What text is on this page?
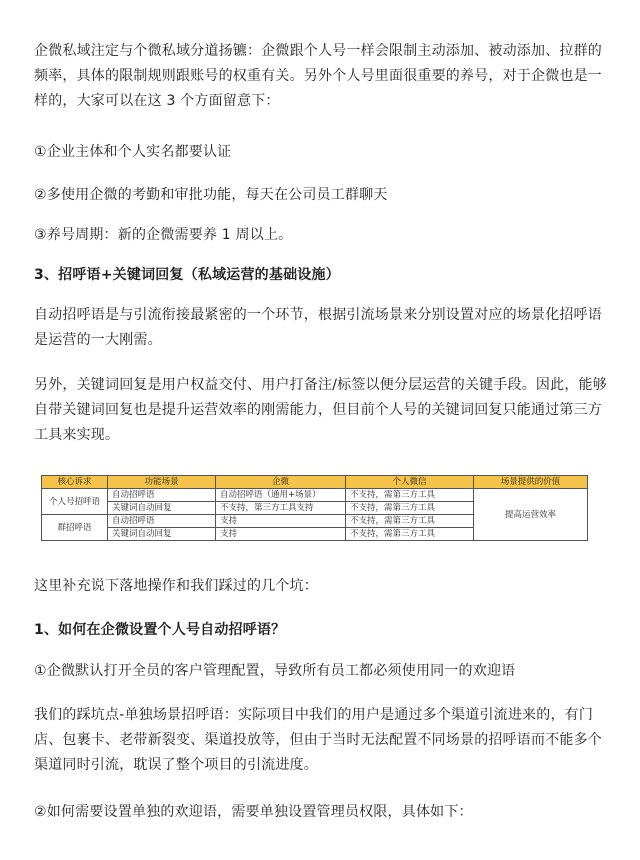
企微私域注定与个微私域分道扬镳：企微跟个人号一样会限制主动添加、被动添加、拉群的频率，具体的限制规则跟账号的权重有关。另外个人号里面很重要的养号，对于企微也是一样的，大家可以在这 3 个方面留意下：

①企业主体和个人实名都要认证

②多使用企微的考勤和审批功能，每天在公司员工群聊天

③养号周期：新的企微需要养 1 周以上。

3、招呼语+关键词回复（私域运营的基础设施）

自动招呼语是与引流衔接最紧密的一个环节，根据引流场景来分别设置对应的场景化招呼语是运营的一大刚需。

另外，关键词回复是用户权益交付、用户打备注/标签以便分层运营的关键手段。因此，能够自带关键词回复也是提升运营效率的刚需能力，但目前个人号的关键词回复只能通过第三方工具来实现。

核心诉求	功能场景	企微	个人微信	场景提供的价值
个人号招呼语	自动招呼语	自动招呼语（通用+场景）	不支持，需第三方工具	提高运营效率
	关键词自动回复	不支持，第三方工具支持	不支持，需第三方工具	
群招呼语	自动招呼语	支持	不支持，需第三方工具	
	关键词自动回复	支持	不支持，需第三方工具	

这里补充说下落地操作和我们踩过的几个坑：

1、如何在企微设置个人号自动招呼语？

①企微默认打开全员的客户管理配置，导致所有员工都必须使用同一的欢迎语

我们的踩坑点-单独场景招呼语：实际项目中我们的用户是通过多个渠道引流进来的，有门店、包裹卡、老带新裂变、渠道投放等，但由于当时无法配置不同场景的招呼语而不能多个渠道同时引流，耽误了整个项目的引流进度。

②如何需要设置单独的欢迎语，需要单独设置管理员权限，具体如下：
